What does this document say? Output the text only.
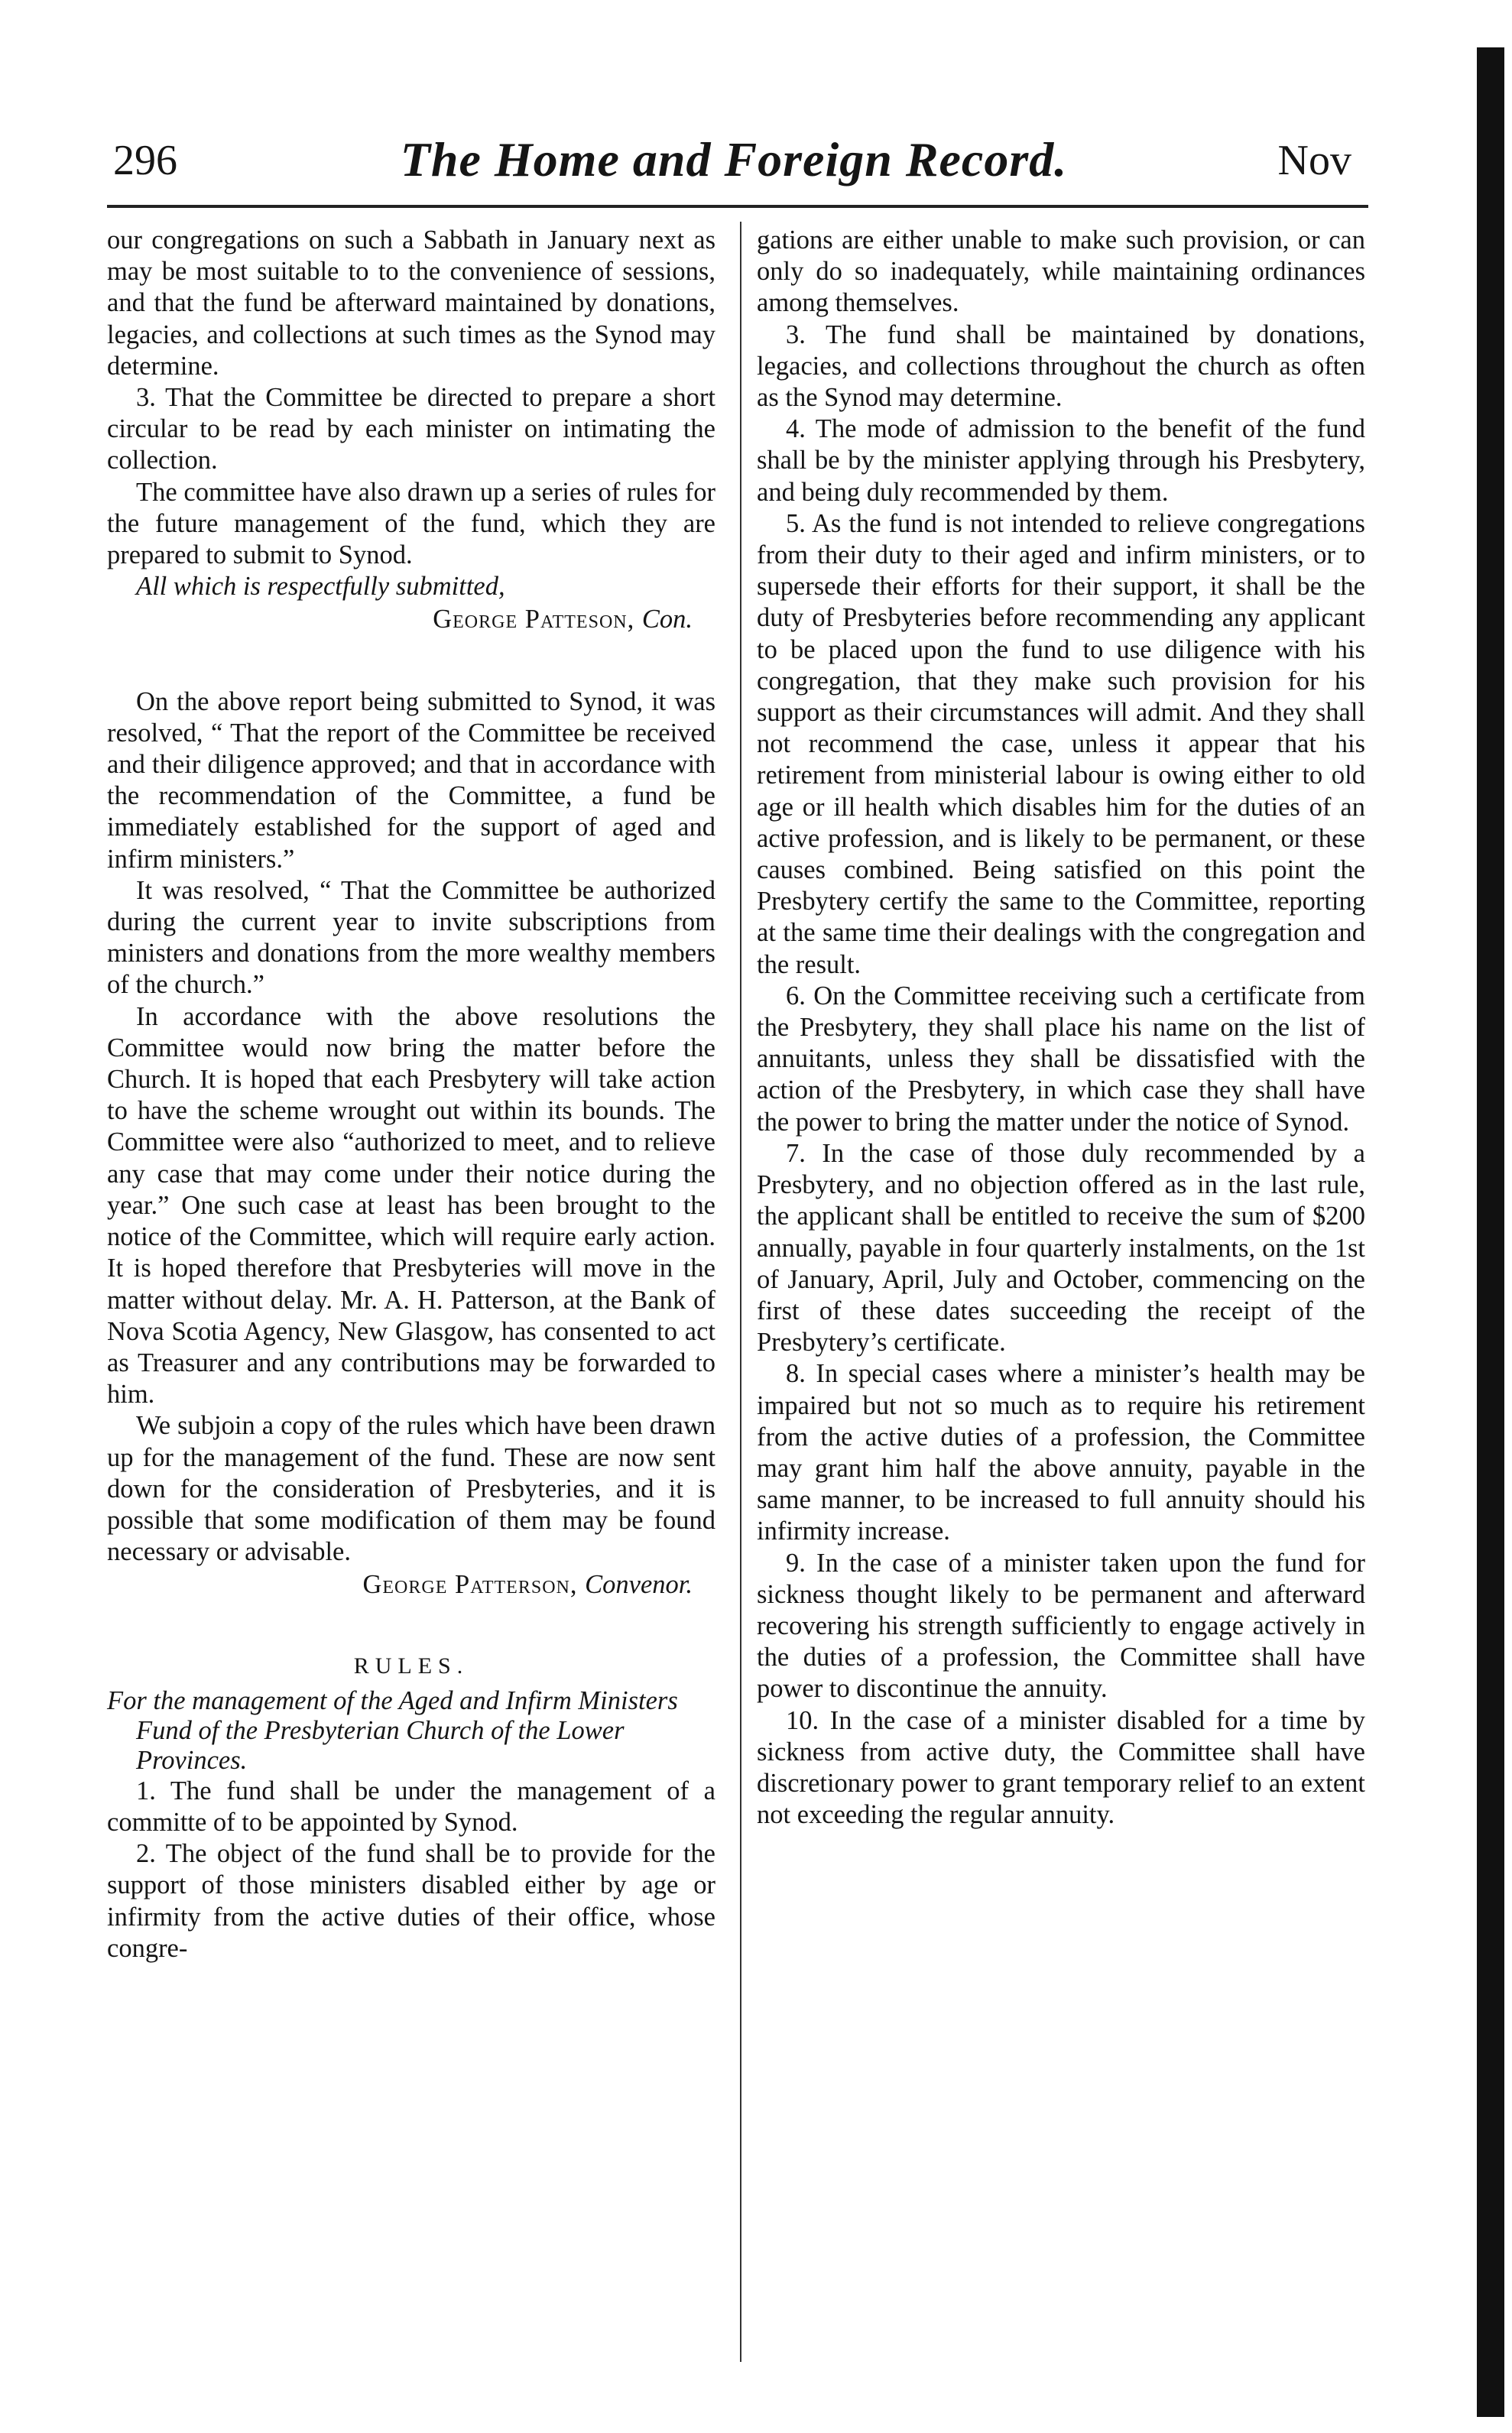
296	The Home and Foreign Record.	Nov

our congregations on such a Sabbath in January next as may be most suitable to to the convenience of sessions, and that the fund be afterward maintained by donations, legacies, and collections at such times as the Synod may determine.

3. That the Committee be directed to prepare a short circular to be read by each minister on intimating the collection.

The committee have also drawn up a series of rules for the future management of the fund, which they are prepared to submit to Synod.

All which is respectfully submitted,

George Patteson, Con.

On the above report being submitted to Synod, it was resolved, “ That the report of the Committee be received and their diligence approved; and that in accordance with the recommendation of the Committee, a fund be immediately established for the support of aged and infirm ministers.”

It was resolved, “ That the Committee be authorized during the current year to invite subscriptions from ministers and donations from the more wealthy members of the church.”

In accordance with the above resolutions the Committee would now bring the matter before the Church. It is hoped that each Presbytery will take action to have the scheme wrought out within its bounds. The Committee were also “authorized to meet, and to relieve any case that may come under their notice during the year.” One such case at least has been brought to the notice of the Committee, which will require early action. It is hoped therefore that Presbyteries will move in the matter without delay. Mr. A. H. Patterson, at the Bank of Nova Scotia Agency, New Glasgow, has consented to act as Treasurer and any contributions may be forwarded to him.

We subjoin a copy of the rules which have been drawn up for the management of the fund. These are now sent down for the consideration of Presbyteries, and it is possible that some modification of them may be found necessary or advisable.

George Patterson, Convenor.
RULES.
For the management of the Aged and Infirm Ministers Fund of the Presbyterian Church of the Lower Provinces.

1. The fund shall be under the management of a committe of to be appointed by Synod.

2. The object of the fund shall be to provide for the support of those ministers disabled either by age or infirmity from the active duties of their office, whose congre-

gations are either unable to make such provision, or can only do so inadequately, while maintaining ordinances among themselves.

3. The fund shall be maintained by donations, legacies, and collections throughout the church as often as the Synod may determine.

4. The mode of admission to the benefit of the fund shall be by the minister applying through his Presbytery, and being duly recommended by them.

5. As the fund is not intended to relieve congregations from their duty to their aged and infirm ministers, or to supersede their efforts for their support, it shall be the duty of Presbyteries before recommending any applicant to be placed upon the fund to use diligence with his congregation, that they make such provision for his support as their circumstances will admit. And they shall not recommend the case, unless it appear that his retirement from ministerial labour is owing either to old age or ill health which disables him for the duties of an active profession, and is likely to be permanent, or these causes combined. Being satisfied on this point the Presbytery certify the same to the Committee, reporting at the same time their dealings with the congregation and the result.

6. On the Committee receiving such a certificate from the Presbytery, they shall place his name on the list of annuitants, unless they shall be dissatisfied with the action of the Presbytery, in which case they shall have the power to bring the matter under the notice of Synod.

7. In the case of those duly recommended by a Presbytery, and no objection offered as in the last rule, the applicant shall be entitled to receive the sum of $200 annually, payable in four quarterly instalments, on the 1st of January, April, July and October, commencing on the first of these dates succeeding the receipt of the Presbytery’s certificate.

8. In special cases where a minister’s health may be impaired but not so much as to require his retirement from the active duties of a profession, the Committee may grant him half the above annuity, payable in the same manner, to be increased to full annuity should his infirmity increase.

9. In the case of a minister taken upon the fund for sickness thought likely to be permanent and afterward recovering his strength sufficiently to engage actively in the duties of a profession, the Committee shall have power to discontinue the annuity.

10. In the case of a minister disabled for a time by sickness from active duty, the Committee shall have discretionary power to grant temporary relief to an extent not exceeding the regular annuity.
